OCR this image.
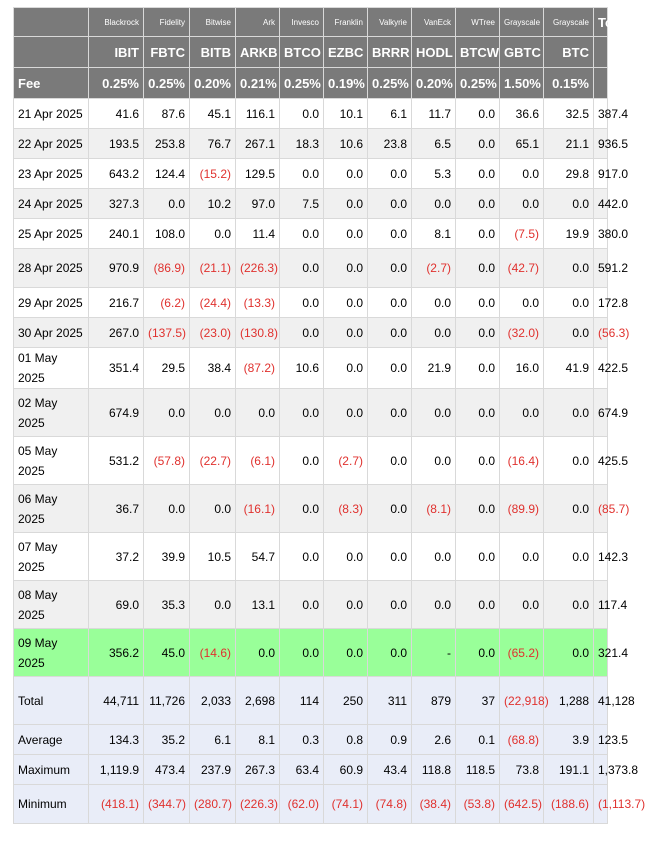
	Blackrock	Fidelity	Bitwise	Ark	Invesco	Franklin	Valkyrie	VanEck	WTree	Grayscale	Grayscale	Total
	IBIT	FBTC	BITB	ARKB	BTCO	EZBC	BRRR	HODL	BTCW	GBTC	BTC	
Fee	0.25%	0.25%	0.20%	0.21%	0.25%	0.19%	0.25%	0.20%	0.25%	1.50%	0.15%	
21 Apr 2025	41.6	87.6	45.1	116.1	0.0	10.1	6.1	11.7	0.0	36.6	32.5	387.4
22 Apr 2025	193.5	253.8	76.7	267.1	18.3	10.6	23.8	6.5	0.0	65.1	21.1	936.5
23 Apr 2025	643.2	124.4	(15.2)	129.5	0.0	0.0	0.0	5.3	0.0	0.0	29.8	917.0
24 Apr 2025	327.3	0.0	10.2	97.0	7.5	0.0	0.0	0.0	0.0	0.0	0.0	442.0
25 Apr 2025	240.1	108.0	0.0	11.4	0.0	0.0	0.0	8.1	0.0	(7.5)	19.9	380.0
28 Apr 2025	970.9	(86.9)	(21.1)	(226.3)	0.0	0.0	0.0	(2.7)	0.0	(42.7)	0.0	591.2
29 Apr 2025	216.7	(6.2)	(24.4)	(13.3)	0.0	0.0	0.0	0.0	0.0	0.0	0.0	172.8
30 Apr 2025	267.0	(137.5)	(23.0)	(130.8)	0.0	0.0	0.0	0.0	0.0	(32.0)	0.0	(56.3)
01 May 2025	351.4	29.5	38.4	(87.2)	10.6	0.0	0.0	21.9	0.0	16.0	41.9	422.5
02 May 2025	674.9	0.0	0.0	0.0	0.0	0.0	0.0	0.0	0.0	0.0	0.0	674.9
05 May 2025	531.2	(57.8)	(22.7)	(6.1)	0.0	(2.7)	0.0	0.0	0.0	(16.4)	0.0	425.5
06 May 2025	36.7	0.0	0.0	(16.1)	0.0	(8.3)	0.0	(8.1)	0.0	(89.9)	0.0	(85.7)
07 May 2025	37.2	39.9	10.5	54.7	0.0	0.0	0.0	0.0	0.0	0.0	0.0	142.3
08 May 2025	69.0	35.3	0.0	13.1	0.0	0.0	0.0	0.0	0.0	0.0	0.0	117.4
09 May 2025	356.2	45.0	(14.6)	0.0	0.0	0.0	0.0	-	0.0	(65.2)	0.0	321.4
Total	44,711	11,726	2,033	2,698	114	250	311	879	37	(22,918)	1,288	41,128
Average	134.3	35.2	6.1	8.1	0.3	0.8	0.9	2.6	0.1	(68.8)	3.9	123.5
Maximum	1,119.9	473.4	237.9	267.3	63.4	60.9	43.4	118.8	118.5	73.8	191.1	1,373.8
Minimum	(418.1)	(344.7)	(280.7)	(226.3)	(62.0)	(74.1)	(74.8)	(38.4)	(53.8)	(642.5)	(188.6)	(1,113.7)
